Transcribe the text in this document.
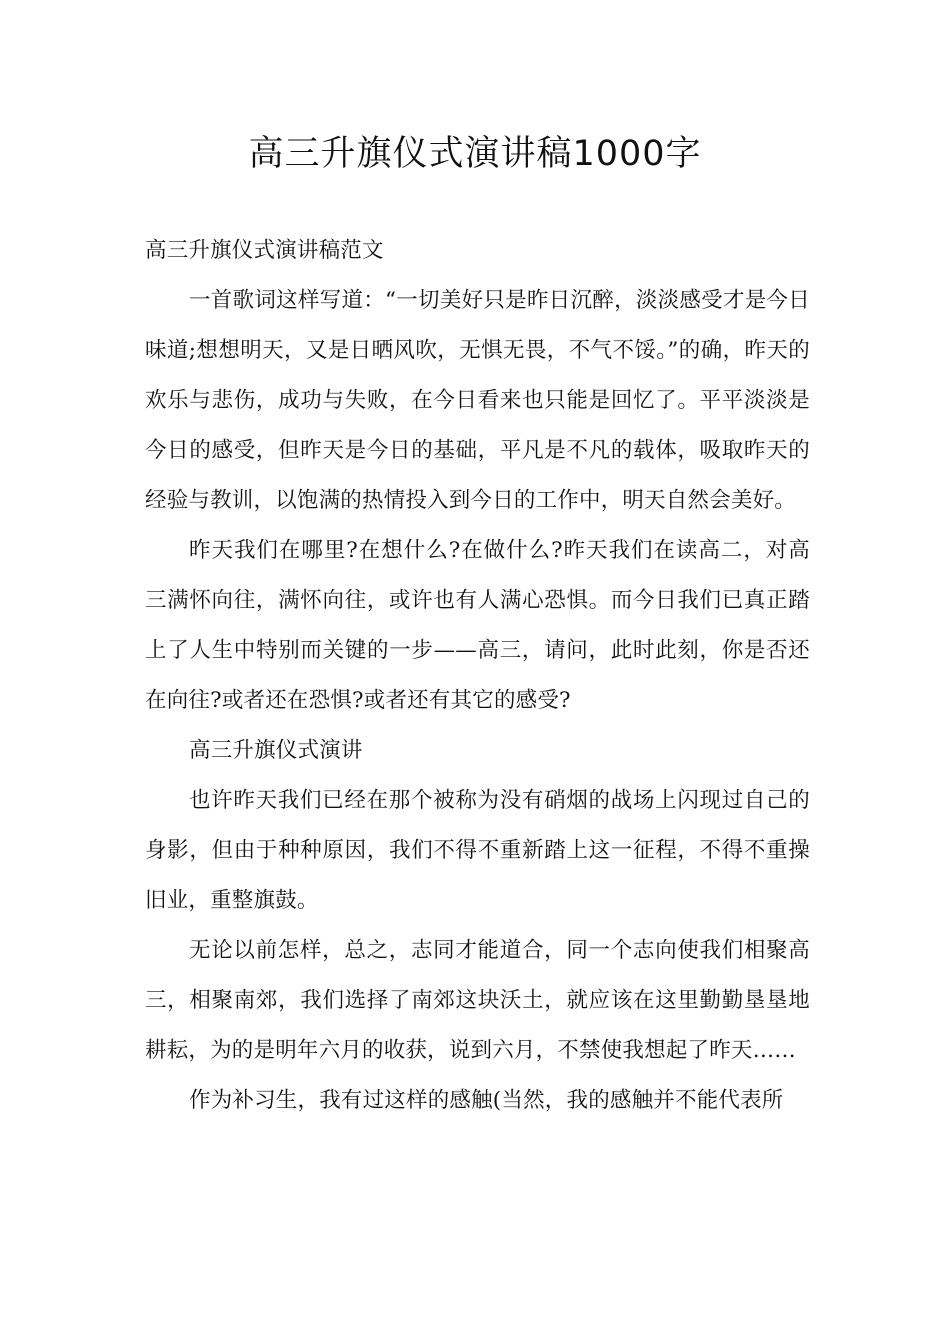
高三升旗仪式演讲稿1000字

高三升旗仪式演讲稿范文

一首歌词这样写道：“一切美好只是昨日沉醉，淡淡感受才是今日味道;想想明天，又是日晒风吹，无惧无畏，不气不馁。”的确，昨天的欢乐与悲伤，成功与失败，在今日看来也只能是回忆了。平平淡淡是今日的感受，但昨天是今日的基础，平凡是不凡的载体，吸取昨天的经验与教训，以饱满的热情投入到今日的工作中，明天自然会美好。

昨天我们在哪里?在想什么?在做什么?昨天我们在读高二，对高三满怀向往，满怀向往，或许也有人满心恐惧。而今日我们已真正踏上了人生中特别而关键的一步——高三，请问，此时此刻，你是否还在向往?或者还在恐惧?或者还有其它的感受?

高三升旗仪式演讲

也许昨天我们已经在那个被称为没有硝烟的战场上闪现过自己的身影，但由于种种原因，我们不得不重新踏上这一征程，不得不重操旧业，重整旗鼓。

无论以前怎样，总之，志同才能道合，同一个志向使我们相聚高三，相聚南郊，我们选择了南郊这块沃土，就应该在这里勤勤垦垦地耕耘，为的是明年六月的收获，说到六月，不禁使我想起了昨天……

作为补习生，我有过这样的感触(当然，我的感触并不能代表所
